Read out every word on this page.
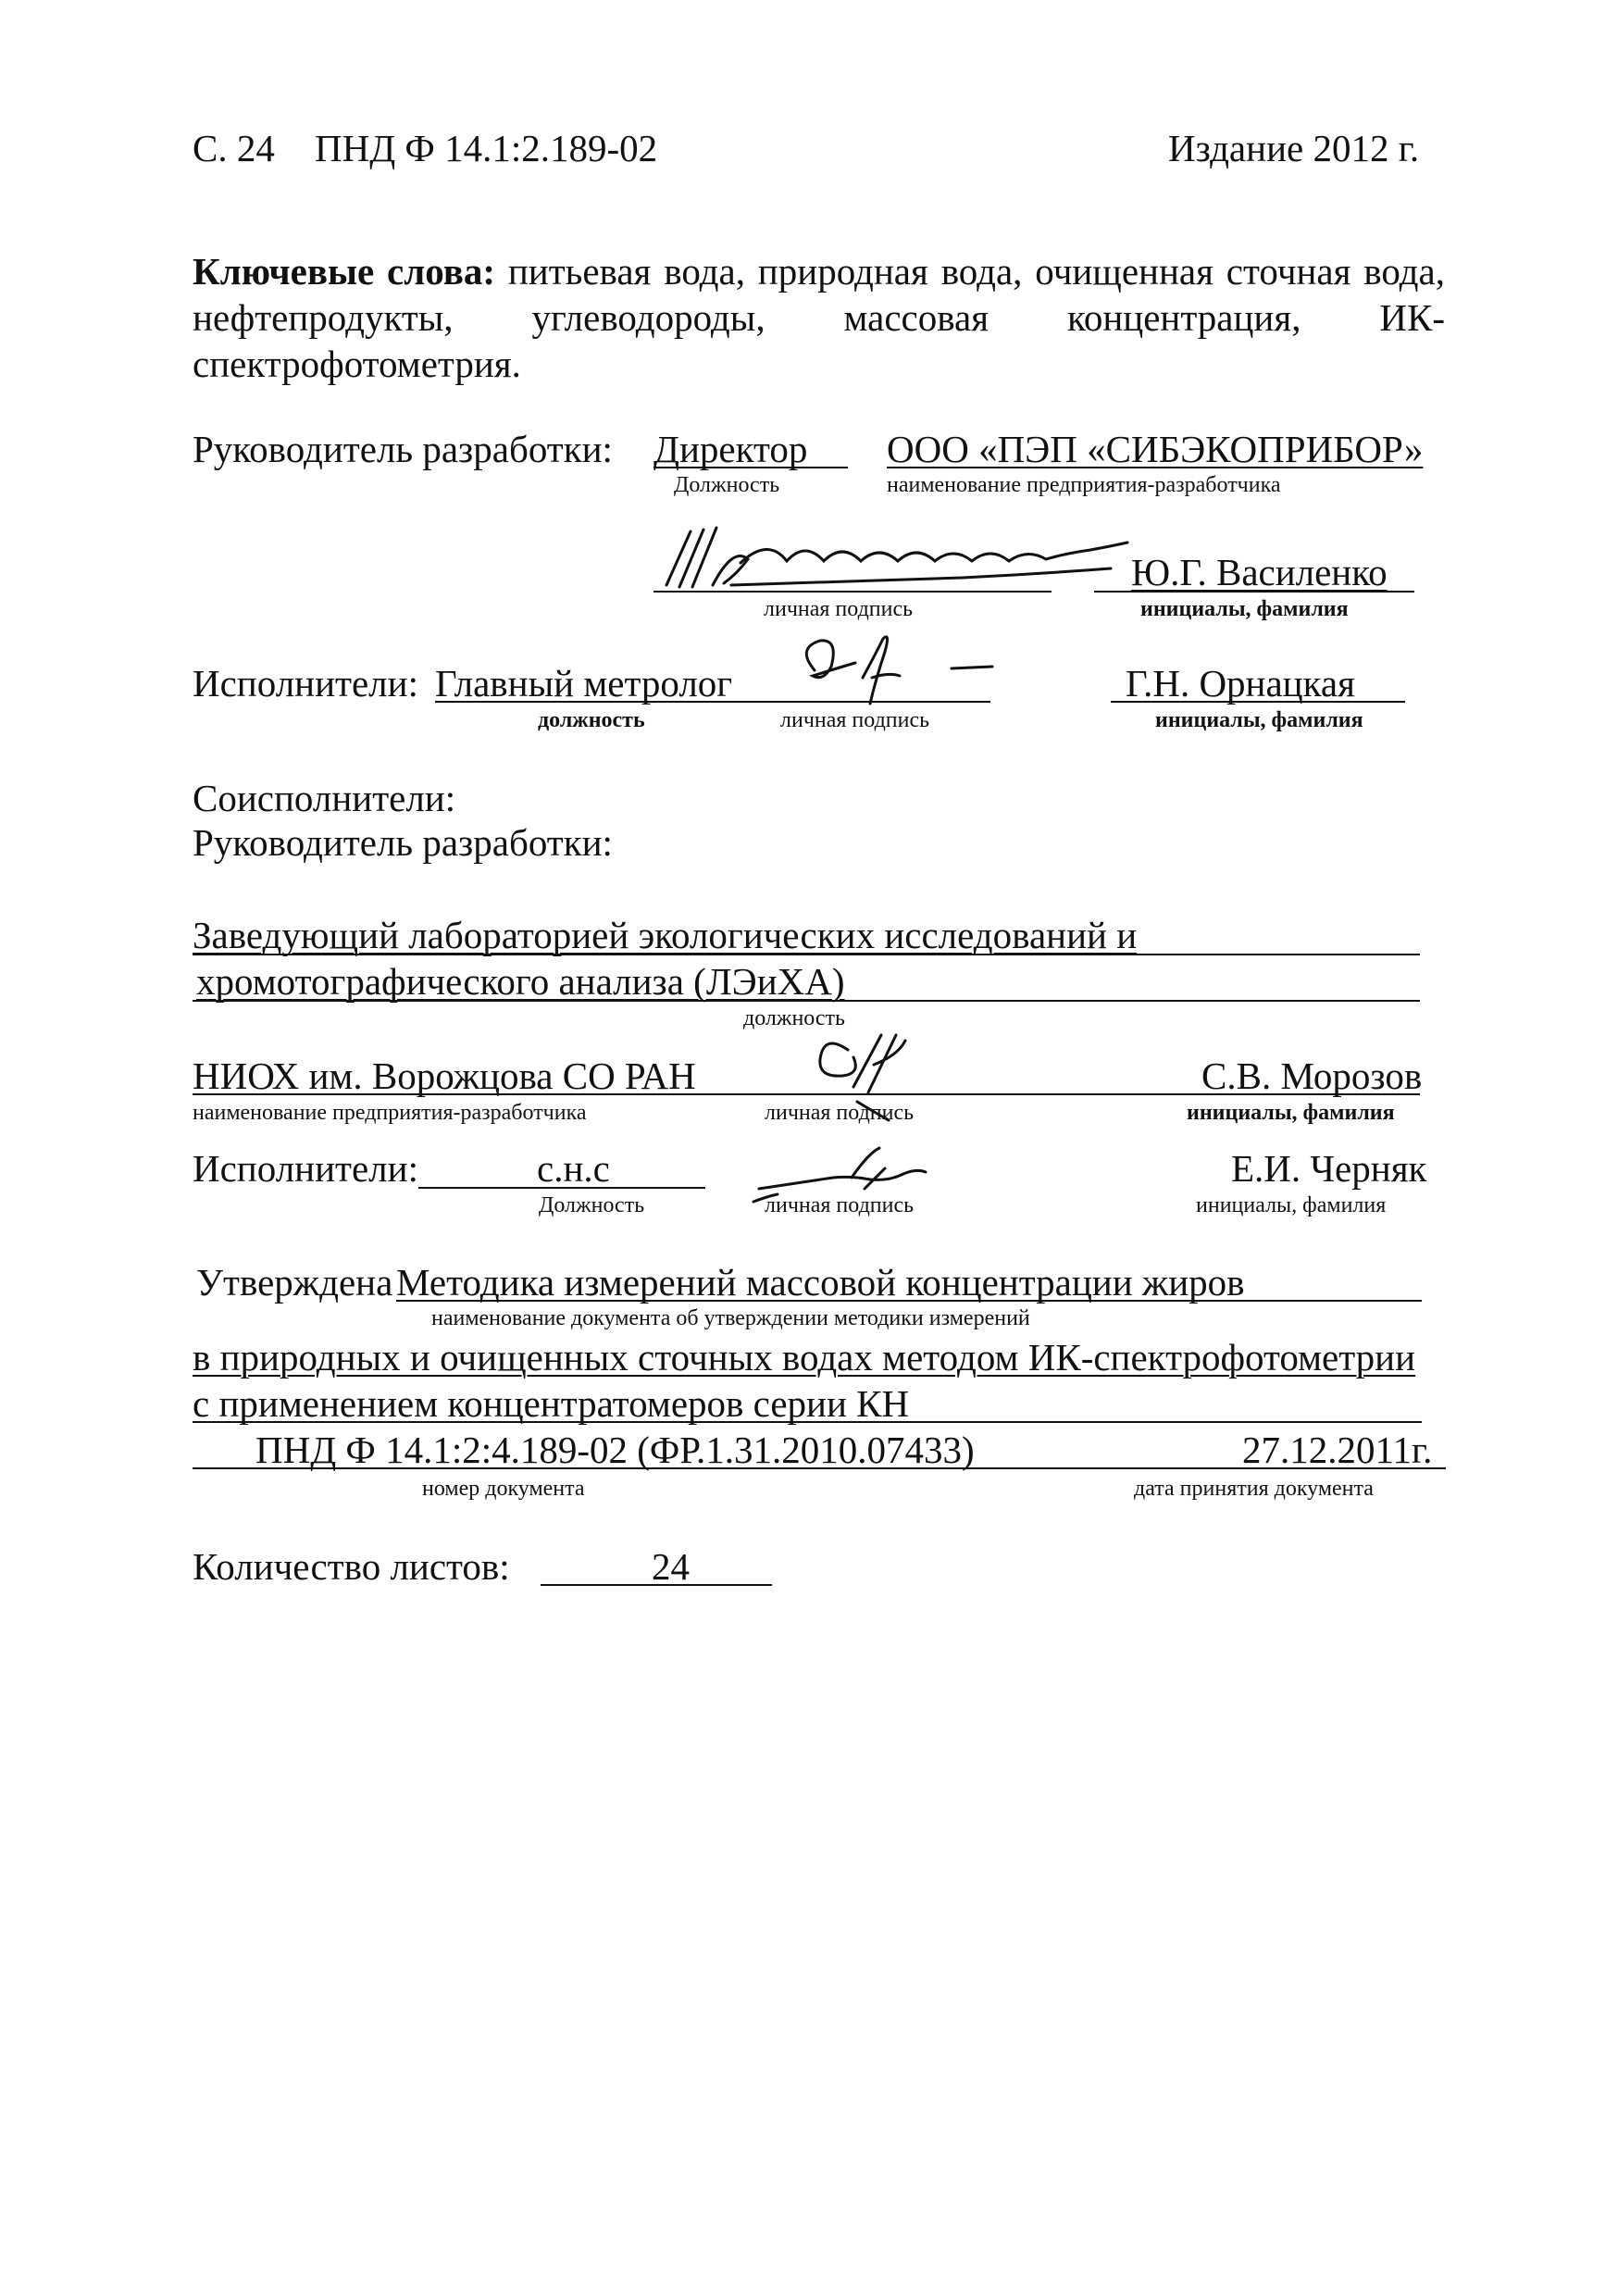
С. 24 ПНД Ф 14.1:2.189-02	Издание 2012 г.
Ключевые слова: питьевая вода, природная вода, очищенная сточная вода, нефтепродукты, углеводороды, массовая концентрация, ИК-спектрофотометрия.
Руководитель разработки: Директор ООО «ПЭП «СИБЭКОПРИБОР»
Должность	наименование предприятия-разработчика
личная подпись
Ю.Г. Василенко
инициалы, фамилия
Исполнители: Главный метролог	Г.Н. Орнацкая
должность	личная подпись	инициалы, фамилия
Соисполнители:
Руководитель разработки:
Заведующий лабораторией экологических исследований и
хромотографического анализа (ЛЭиХА)
должность
НИОХ им. Ворожцова СО РАН	С.В. Морозов
наименование предприятия-разработчика	личная подпись	инициалы, фамилия
Исполнители:	с.н.с	Е.И. Черняк
Должность	личная подпись	инициалы, фамилия
Утверждена Методика измерений массовой концентрации жиров
наименование документа об утверждении методики измерений
в природных и очищенных сточных водах методом ИК-спектрофотометрии
с применением концентратомеров серии КН
ПНД Ф 14.1:2:4.189-02 (ФР.1.31.2010.07433)	27.12.2011г.
номер документа	дата принятия документа
Количество листов:	24
